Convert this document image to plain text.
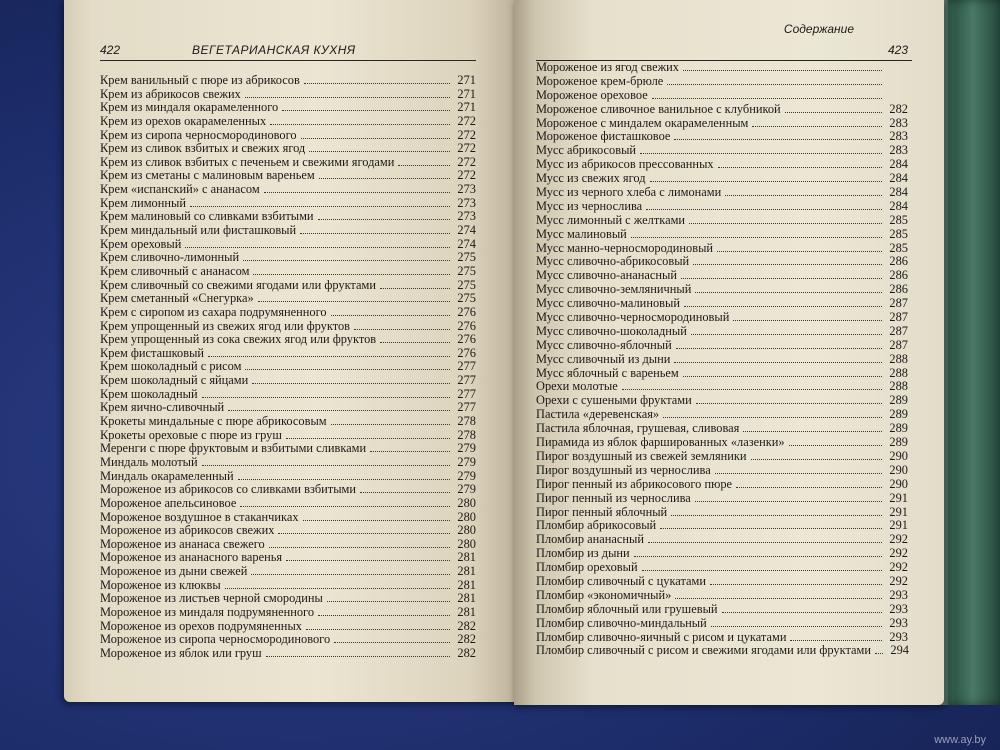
422	ВЕГЕТАРИАНСКАЯ КУХНЯ
Крем ванильный с пюре из абрикосов	271
Крем из абрикосов свежих	271
Крем из миндаля окарамеленного	271
Крем из орехов окарамеленных	272
Крем из сиропа черносмородинового	272
Крем из сливок взбитых и свежих ягод	272
Крем из сливок взбитых с печеньем и свежими ягодами	272
Крем из сметаны с малиновым вареньем	272
Крем «испанский» с ананасом	273
Крем лимонный	273
Крем малиновый со сливками взбитыми	273
Крем миндальный или фисташковый	274
Крем ореховый	274
Крем сливочно-лимонный	275
Крем сливочный с ананасом	275
Крем сливочный со свежими ягодами или фруктами	275
Крем сметанный «Снегурка»	275
Крем с сиропом из сахара подрумяненного	276
Крем упрощенный из свежих ягод или фруктов	276
Крем упрощенный из сока свежих ягод или фруктов	276
Крем фисташковый	276
Крем шоколадный с рисом	277
Крем шоколадный с яйцами	277
Крем шоколадный	277
Крем яично-сливочный	277
Крокеты миндальные с пюре абрикосовым	278
Крокеты ореховые с пюре из груш	278
Меренги с пюре фруктовым и взбитыми сливками	279
Миндаль молотый	279
Миндаль окарамеленный	279
Мороженое из абрикосов со сливками взбитыми	279
Мороженое апельсиновое	280
Мороженое воздушное в стаканчиках	280
Мороженое из абрикосов свежих	280
Мороженое из ананаса свежего	280
Мороженое из ананасного варенья	281
Мороженое из дыни свежей	281
Мороженое из клюквы	281
Мороженое из листьев черной смородины	281
Мороженое из миндаля подрумяненного	281
Мороженое из орехов подрумяненных	282
Мороженое из сиропа черносмородинового	282
Мороженое из яблок или груш	282
Содержание
423
Мороженое из ягод свежих
Мороженое крем-брюле
Мороженое ореховое
Мороженое сливочное ванильное с клубникой	282
Мороженое с миндалем окарамеленным	283
Мороженое фисташковое	283
Мусс абрикосовый	283
Мусс из абрикосов прессованных	284
Мусс из свежих ягод	284
Мусс из черного хлеба с лимонами	284
Мусс из чернослива	284
Мусс лимонный с желтками	285
Мусс малиновый	285
Мусс манно-черносмородиновый	285
Мусс сливочно-абрикосовый	286
Мусс сливочно-ананасный	286
Мусс сливочно-земляничный	286
Мусс сливочно-малиновый	287
Мусс сливочно-черносмородиновый	287
Мусс сливочно-шоколадный	287
Мусс сливочно-яблочный	287
Мусс сливочный из дыни	288
Мусс яблочный с вареньем	288
Орехи молотые	288
Орехи с сушеными фруктами	289
Пастила «деревенская»	289
Пастила яблочная, грушевая, сливовая	289
Пирамида из яблок фаршированных «лазенки»	289
Пирог воздушный из свежей земляники	290
Пирог воздушный из чернослива	290
Пирог пенный из абрикосового пюре	290
Пирог пенный из чернослива	291
Пирог пенный яблочный	291
Пломбир абрикосовый	291
Пломбир ананасный	292
Пломбир из дыни	292
Пломбир ореховый	292
Пломбир сливочный с цукатами	292
Пломбир «экономичный»	293
Пломбир яблочный или грушевый	293
Пломбир сливочно-миндальный	293
Пломбир сливочно-яичный с рисом и цукатами	293
Пломбир сливочный с рисом и свежими ягодами или фруктами 294
www.ay.by
